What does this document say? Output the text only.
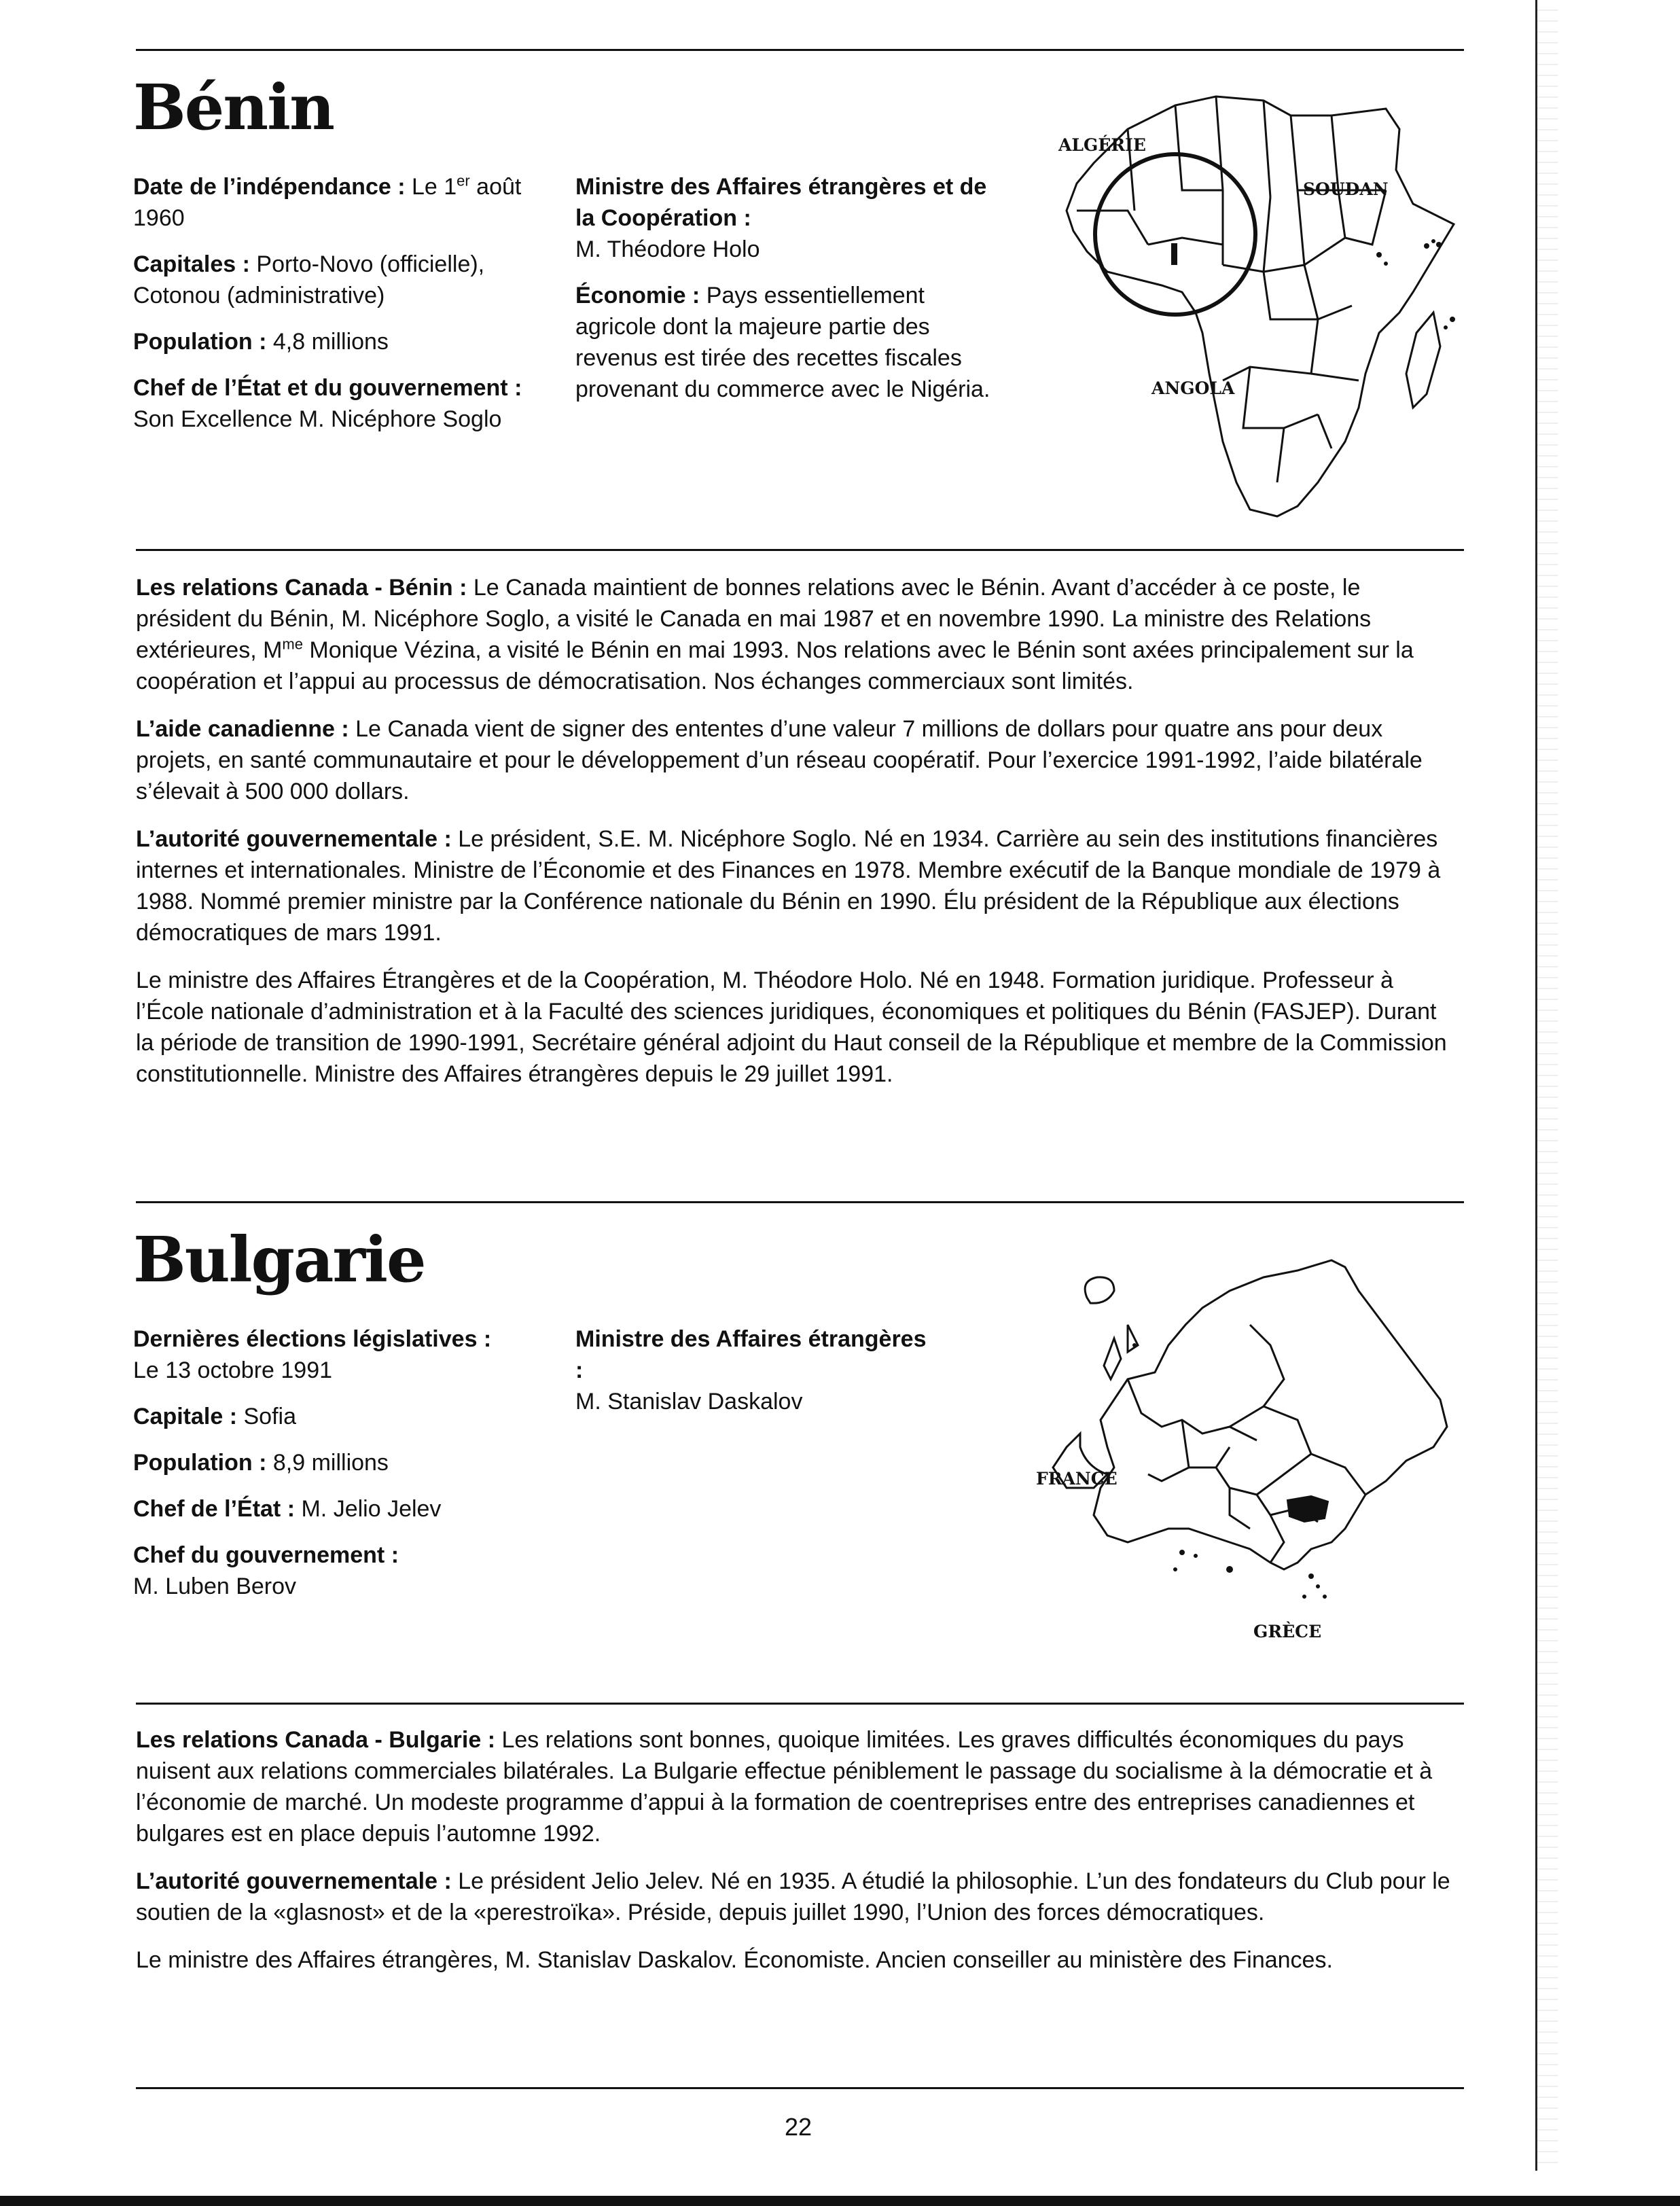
Bénin

Date de l’indépendance : Le 1er août 1960

Capitales : Porto-Novo (officielle), Cotonou (administrative)

Population : 4,8 millions

Chef de l’État et du gouvernement :
Son Excellence M. Nicéphore Soglo

Ministre des Affaires étrangères et de la Coopération :
M. Théodore Holo

Économie : Pays essentiellement agricole dont la majeure partie des revenus est tirée des recettes fiscales provenant du commerce avec le Nigéria.

ALGÉRIE
SOUDAN
ANGOLA

Les relations Canada - Bénin : Le Canada maintient de bonnes relations avec le Bénin. Avant d’accéder à ce poste, le président du Bénin, M. Nicéphore Soglo, a visité le Canada en mai 1987 et en novembre 1990. La ministre des Relations extérieures, $M^{me}$ Monique Vézina, a visité le Bénin en mai 1993. Nos relations avec le Bénin sont axées principalement sur la coopération et l’appui au processus de démocratisation. Nos échanges commerciaux sont limités.

L’aide canadienne : Le Canada vient de signer des ententes d’une valeur 7 millions de dollars pour quatre ans pour deux projets, en santé communautaire et pour le développement d’un réseau coopératif. Pour l’exercice 1991-1992, l’aide bilatérale s’élevait à 500 000 dollars.

L’autorité gouvernementale : Le président, S.E. M. Nicéphore Soglo. Né en 1934. Carrière au sein des institutions financières internes et internationales. Ministre de l’Économie et des Finances en 1978. Membre exécutif de la Banque mondiale de 1979 à 1988. Nommé premier ministre par la Conférence nationale du Bénin en 1990. Élu président de la République aux élections démocratiques de mars 1991.

Le ministre des Affaires Étrangères et de la Coopération, M. Théodore Holo. Né en 1948. Formation juridique. Professeur à l’École nationale d’administration et à la Faculté des sciences juridiques, économiques et politiques du Bénin (FASJEP). Durant la période de transition de 1990-1991, Secrétaire général adjoint du Haut conseil de la République et membre de la Commission constitutionnelle. Ministre des Affaires étrangères depuis le 29 juillet 1991.

Bulgarie

Dernières élections législatives :
Le 13 octobre 1991

Capitale : Sofia

Population : 8,9 millions

Chef de l’État : M. Jelio Jelev

Chef du gouvernement :
M. Luben Berov

Ministre des Affaires étrangères :
M. Stanislav Daskalov

FRANCE
GRÈCE

Les relations Canada - Bulgarie : Les relations sont bonnes, quoique limitées. Les graves difficultés économiques du pays nuisent aux relations commerciales bilatérales. La Bulgarie effectue péniblement le passage du socialisme à la démocratie et à l’économie de marché. Un modeste programme d’appui à la formation de coentreprises entre des entreprises canadiennes et bulgares est en place depuis l’automne 1992.

L’autorité gouvernementale : Le président Jelio Jelev. Né en 1935. A étudié la philosophie. L’un des fondateurs du Club pour le soutien de la «glasnost» et de la «perestroïka». Préside, depuis juillet 1990, l’Union des forces démocratiques.

Le ministre des Affaires étrangères, M. Stanislav Daskalov. Économiste. Ancien conseiller au ministère des Finances.

22
